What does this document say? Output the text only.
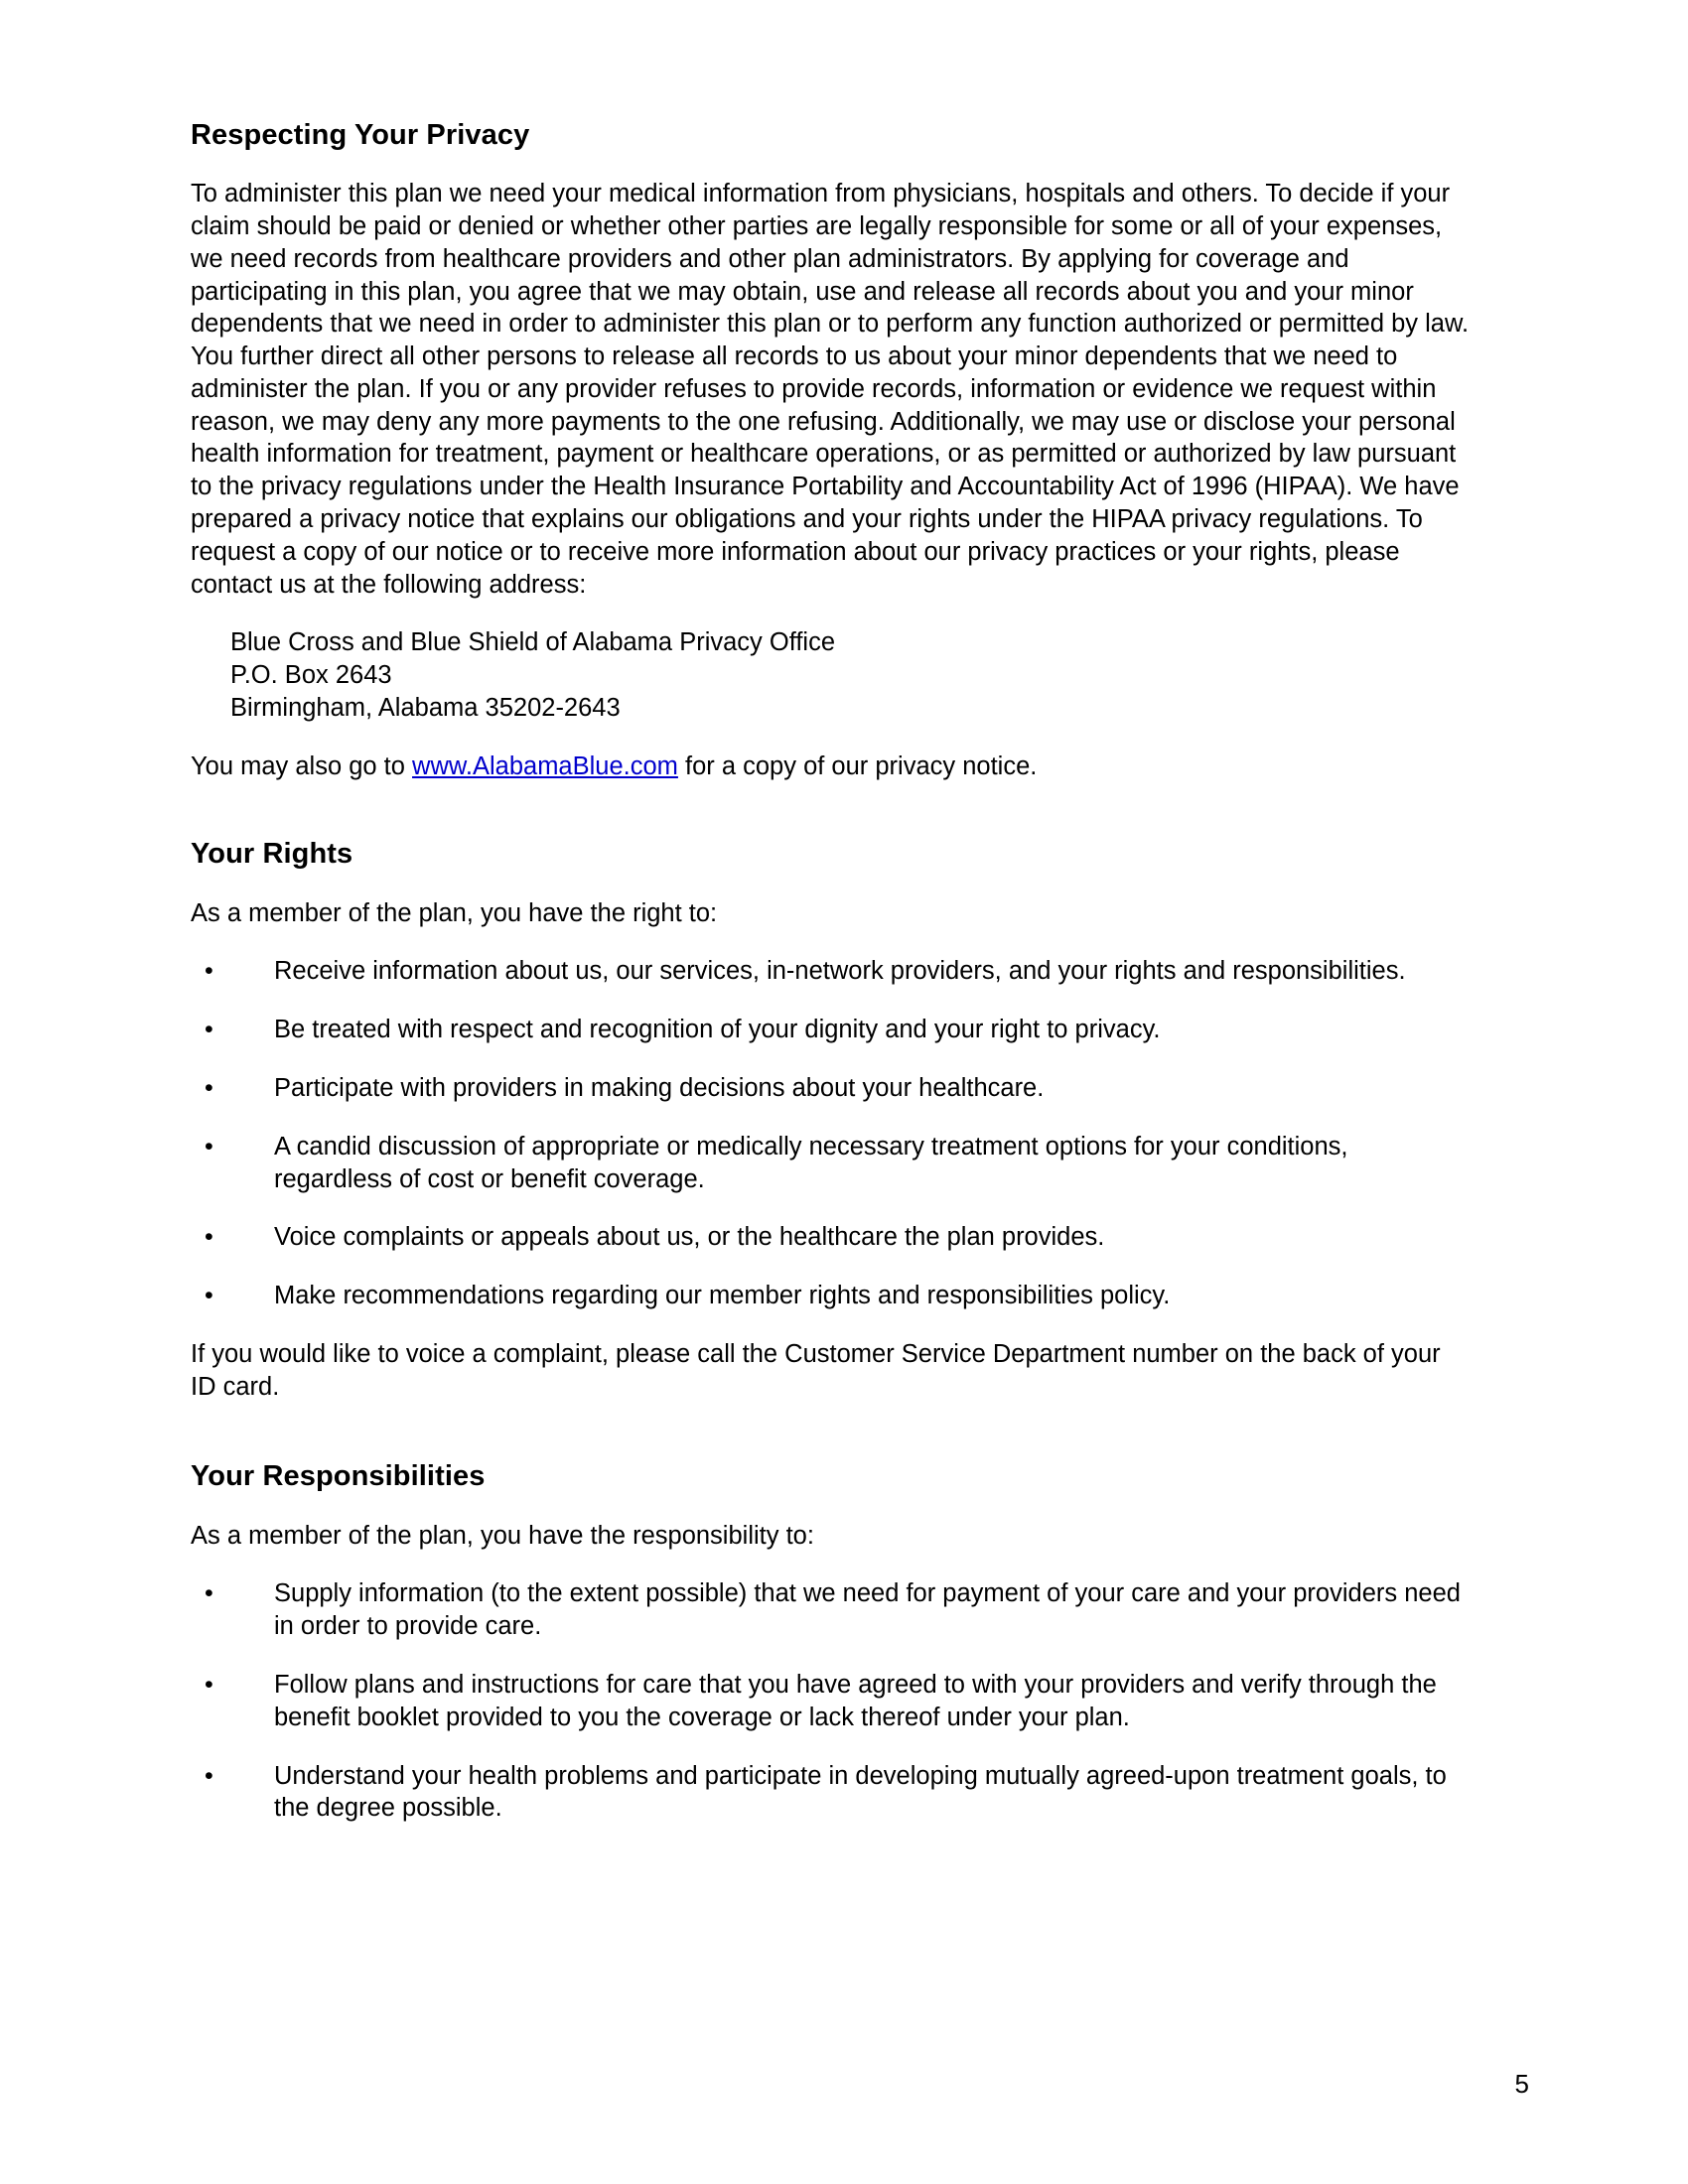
Respecting Your Privacy

To administer this plan we need your medical information from physicians, hospitals and others. To decide if your claim should be paid or denied or whether other parties are legally responsible for some or all of your expenses, we need records from healthcare providers and other plan administrators. By applying for coverage and participating in this plan, you agree that we may obtain, use and release all records about you and your minor dependents that we need in order to administer this plan or to perform any function authorized or permitted by law. You further direct all other persons to release all records to us about your minor dependents that we need to administer the plan. If you or any provider refuses to provide records, information or evidence we request within reason, we may deny any more payments to the one refusing. Additionally, we may use or disclose your personal health information for treatment, payment or healthcare operations, or as permitted or authorized by law pursuant to the privacy regulations under the Health Insurance Portability and Accountability Act of 1996 (HIPAA). We have prepared a privacy notice that explains our obligations and your rights under the HIPAA privacy regulations. To request a copy of our notice or to receive more information about our privacy practices or your rights, please contact us at the following address:

Blue Cross and Blue Shield of Alabama Privacy Office
P.O. Box 2643
Birmingham, Alabama 35202-2643

You may also go to www.AlabamaBlue.com for a copy of our privacy notice.

Your Rights

As a member of the plan, you have the right to:

•	Receive information about us, our services, in-network providers, and your rights and responsibilities.
•	Be treated with respect and recognition of your dignity and your right to privacy.
•	Participate with providers in making decisions about your healthcare.
•	A candid discussion of appropriate or medically necessary treatment options for your conditions, regardless of cost or benefit coverage.
•	Voice complaints or appeals about us, or the healthcare the plan provides.
•	Make recommendations regarding our member rights and responsibilities policy.

If you would like to voice a complaint, please call the Customer Service Department number on the back of your ID card.

Your Responsibilities

As a member of the plan, you have the responsibility to:

•	Supply information (to the extent possible) that we need for payment of your care and your providers need in order to provide care.
•	Follow plans and instructions for care that you have agreed to with your providers and verify through the benefit booklet provided to you the coverage or lack thereof under your plan.
•	Understand your health problems and participate in developing mutually agreed-upon treatment goals, to the degree possible.
5
